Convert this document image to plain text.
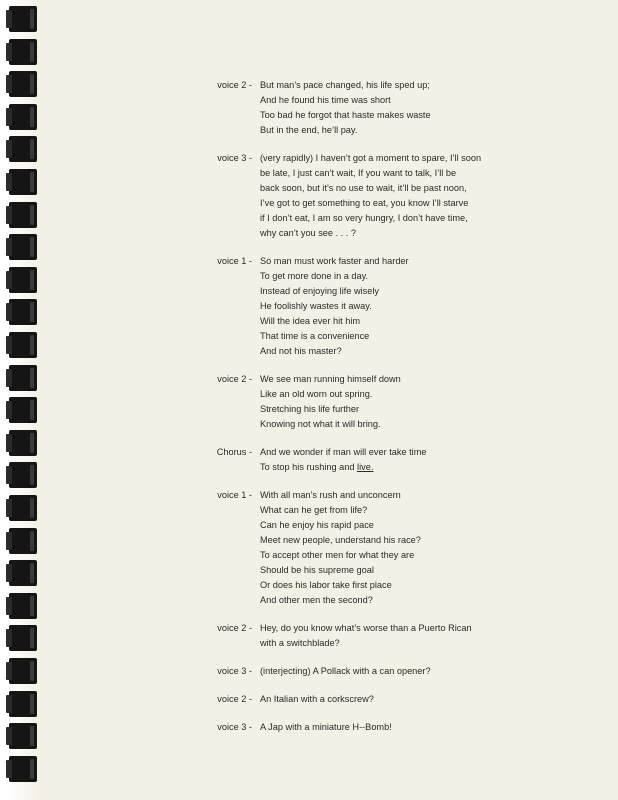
voice 2 - But man’s pace changed, his life sped up;
And he found his time was short
Too bad he forgot that haste makes waste
But in the end, he’ll pay.
voice 3 - (very rapidly) I haven’t got a moment to spare, I’ll soon
be late, I just can’t wait, If you want to talk, I’ll be
back soon, but it’s no use to wait, it’ll be past noon,
I’ve got to get something to eat, you know I’ll starve
if I don’t eat, I am so very hungry, I don’t have time,
why can’t you see . . . ?
voice 1 - So man must work faster and harder
To get more done in a day.
Instead of enjoying life wisely
He foolishly wastes it away.
Will the idea ever hit him
That time is a convenience
And not his master?
voice 2 - We see man running himself down
Like an old worn out spring.
Stretching his life further
Knowing not what it will bring.
Chorus - And we wonder if man will ever take time
To stop his rushing and live.
voice 1 - With all man’s rush and unconcern
What can he get from life?
Can he enjoy his rapid pace
Meet new people, understand his race?
To accept other men for what they are
Should be his supreme goal
Or does his labor take first place
And other men the second?
voice 2 - Hey, do you know what’s worse than a Puerto Rican
with a switchblade?
voice 3 - (interjecting) A Pollack with a can opener?
voice 2 - An Italian with a corkscrew?
voice 3 - A Jap with a miniature H--Bomb!
